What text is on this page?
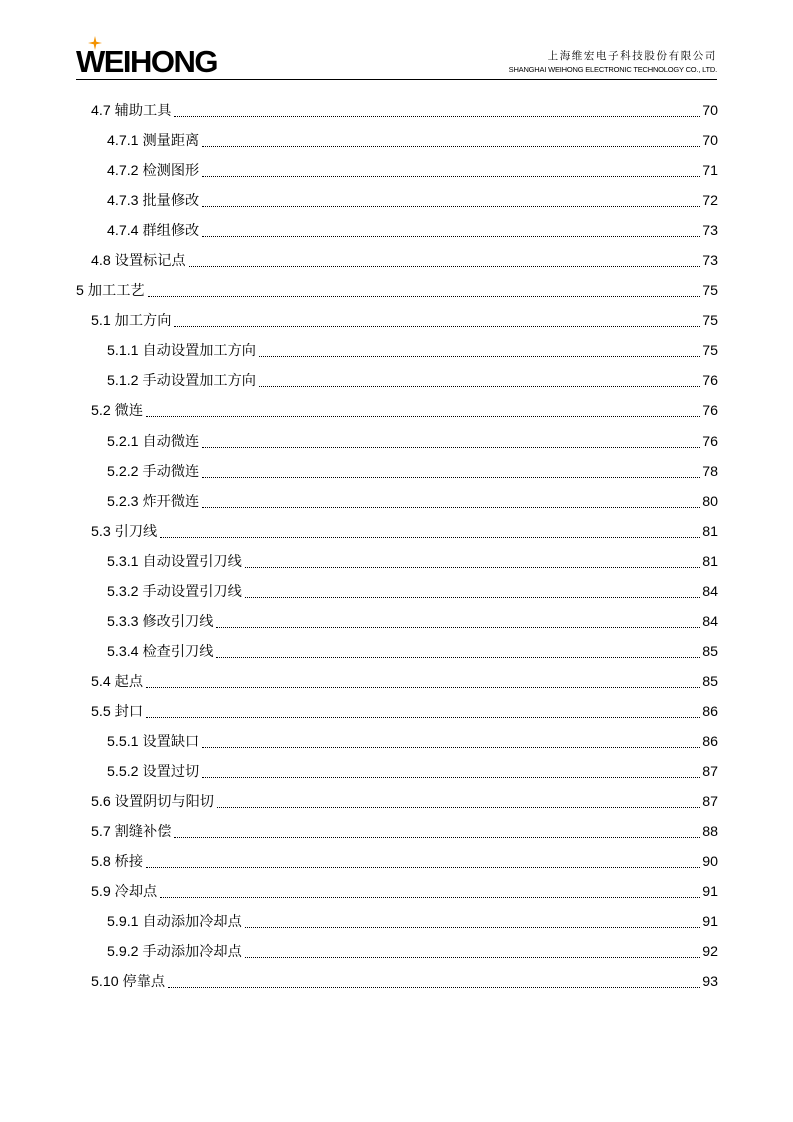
WEIHONG	上海维宏电子科技股份有限公司
SHANGHAI WEIHONG ELECTRONIC TECHNOLOGY CO., LTD.
4.7 辅助工具	70
4.7.1 测量距离	70
4.7.2 检测图形	71
4.7.3 批量修改	72
4.7.4 群组修改	73
4.8 设置标记点	73
5 加工工艺	75
5.1 加工方向	75
5.1.1 自动设置加工方向	75
5.1.2 手动设置加工方向	76
5.2 微连	76
5.2.1 自动微连	76
5.2.2 手动微连	78
5.2.3 炸开微连	80
5.3 引刀线	81
5.3.1 自动设置引刀线	81
5.3.2 手动设置引刀线	84
5.3.3 修改引刀线	84
5.3.4 检查引刀线	85
5.4 起点	85
5.5 封口	86
5.5.1 设置缺口	86
5.5.2 设置过切	87
5.6 设置阴切与阳切	87
5.7 割缝补偿	88
5.8 桥接	90
5.9 冷却点	91
5.9.1 自动添加冷却点	91
5.9.2 手动添加冷却点	92
5.10 停靠点	93
